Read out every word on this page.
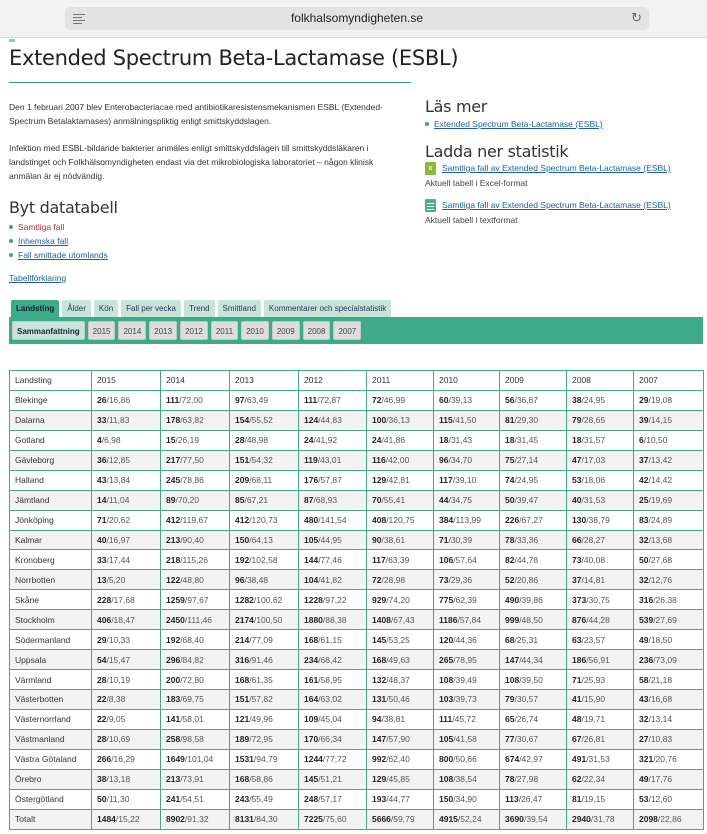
folkhalsomyndigheten.se	↻
Extended Spectrum Beta-Lactamase (ESBL)

Den 1 februari 2007 blev Enterobacteriacae med antibiotikaresistensmekanismen ESBL (Extended-Spectrum Betalaktamases) anmälningspliktig enligt smittskyddslagen.

Infektion med ESBL-bildande bakterier anmäles enligt smittskyddslagen till smittskyddsläkaren i landstinget och Folkhälsomyndigheten endast via det mikrobiologiska laboratoriet – någon klinisk anmälan är ej nödvändig.

Byt datatabell
Samtliga fall
Inhemska fall
Fall smittade utomlands
Tabellförklaring
Läs mer
Extended Spectrum Beta-Lactamase (ESBL)
Ladda ner statistik
x	Samtliga fall av Extended Spectrum Beta-Lactamase (ESBL)
Aktuell tabell i Excel-format
Samtliga fall av Extended Spectrum Beta-Lactamase (ESBL)
Aktuell tabell i textformat
Landsting	Ålder	Kön	Fall per vecka	Trend	Smittland	Kommentarer och specialstatistik
Sammanfattning	2015	2014	2013	2012	2011	2010	2009	2008	2007
Landsting	2015	2014	2013	2012	2011	2010	2009	2008	2007
Blekinge	26/16,86	111/72,00	97/63,49	111/72,87	72/46,99	60/39,13	56/36,67	38/24,95	29/19,08
Dalarna	33/11,83	178/63,82	154/55,52	124/44,83	100/36,13	115/41,50	81/29,30	79/28,65	39/14,15
Gotland	4/6,98	15/26,19	28/48,98	24/41,92	24/41,86	18/31,43	18/31,45	18/31,57	6/10,50
Gävleborg	36/12,85	217/77,50	151/54,32	119/43,01	116/42,00	96/34,70	75/27,14	47/17,03	37/13,42
Halland	43/13,84	245/78,86	209/68,11	176/57,87	129/42,81	117/39,10	74/24,95	53/18,06	42/14,42
Jämtland	14/11,04	89/70,20	85/67,21	87/68,93	70/55,41	44/34,75	50/39,47	40/31,53	25/19,69
Jönköping	71/20,62	412/119,67	412/120,73	480/141,54	408/120,75	384/113,99	226/67,27	130/38,79	83/24,89
Kalmar	40/16,97	213/90,40	150/64,13	105/44,95	90/38,61	71/30,39	78/33,36	66/28,27	32/13,68
Kronoberg	33/17,44	218/115,26	192/102,58	144/77,46	117/63,39	106/57,64	82/44,78	73/40,08	50/27,68
Norrbotten	13/5,20	122/48,80	96/38,48	104/41,82	72/28,98	73/29,36	52/20,86	37/14,81	32/12,76
Skåne	228/17,68	1259/97,67	1282/100,62	1228/97,22	929/74,20	775/62,39	490/39,86	373/30,75	316/26,38
Stockholm	406/18,47	2450/111,46	2174/100,50	1880/88,38	1408/67,43	1186/57,84	999/48,50	876/44,28	539/27,69
Södermanland	29/10,33	192/68,40	214/77,09	168/61,15	145/53,25	120/44,36	68/25,31	63/23,57	49/18,50
Uppsala	54/15,47	296/84,82	316/91,46	234/68,42	168/49,63	265/78,95	147/44,34	186/56,91	236/73,09
Värmland	28/10,19	200/72,80	168/61,35	161/58,95	132/48,37	108/39,49	108/39,50	71/25,93	58/21,18
Västerbotten	22/8,38	183/69,75	151/57,82	164/63,02	131/50,46	103/39,73	79/30,57	41/15,90	43/16,68
Västernorrland	22/9,05	141/58,01	121/49,96	109/45,04	94/38,81	111/45,72	65/26,74	48/19,71	32/13,14
Västmanland	28/10,69	258/98,58	189/72,95	170/66,34	147/57,90	105/41,58	77/30,67	67/26,81	27/10,83
Västra Götaland	266/16,29	1649/101,04	1531/94,79	1244/77,72	992/62,40	800/50,66	674/42,97	491/31,53	321/20,76
Örebro	38/13,18	213/73,91	168/58,86	145/51,21	129/45,85	108/38,54	78/27,98	62/22,34	49/17,76
Östergötland	50/11,30	241/54,51	243/55,49	248/57,17	193/44,77	150/34,90	113/26,47	81/19,15	53/12,60
Totalt	1484/15,22	8902/91,32	8131/84,30	7225/75,60	5666/59,79	4915/52,24	3690/39,54	2940/31,78	2098/22,86
